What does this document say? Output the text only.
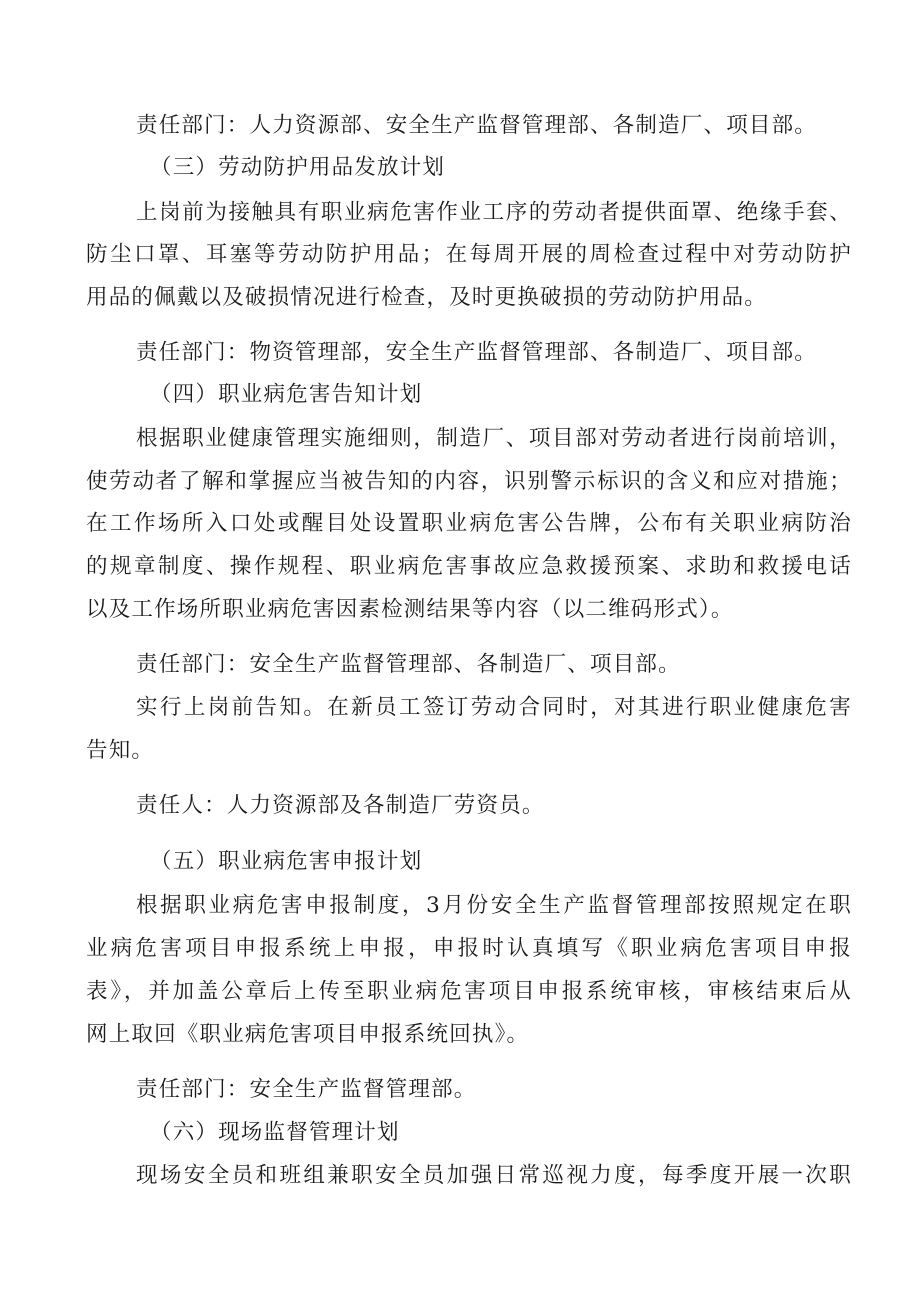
责任部门：人力资源部、安全生产监督管理部、各制造厂、项目部。
（三）劳动防护用品发放计划
上岗前为接触具有职业病危害作业工序的劳动者提供面罩、绝缘手套、
防尘口罩、耳塞等劳动防护用品；在每周开展的周检查过程中对劳动防护
用品的佩戴以及破损情况进行检查，及时更换破损的劳动防护用品。
责任部门：物资管理部，安全生产监督管理部、各制造厂、项目部。
（四）职业病危害告知计划
根据职业健康管理实施细则，制造厂、项目部对劳动者进行岗前培训，
使劳动者了解和掌握应当被告知的内容，识别警示标识的含义和应对措施；
在工作场所入口处或醒目处设置职业病危害公告牌，公布有关职业病防治
的规章制度、操作规程、职业病危害事故应急救援预案、求助和救援电话
以及工作场所职业病危害因素检测结果等内容（以二维码形式）。
责任部门：安全生产监督管理部、各制造厂、项目部。
实行上岗前告知。在新员工签订劳动合同时，对其进行职业健康危害
告知。
责任人：人力资源部及各制造厂劳资员。
（五）职业病危害申报计划
根据职业病危害申报制度，3月份安全生产监督管理部按照规定在职
业病危害项目申报系统上申报，申报时认真填写《职业病危害项目申报
表》，并加盖公章后上传至职业病危害项目申报系统审核，审核结束后从
网上取回《职业病危害项目申报系统回执》。
责任部门：安全生产监督管理部。
（六）现场监督管理计划
现场安全员和班组兼职安全员加强日常巡视力度，每季度开展一次职
